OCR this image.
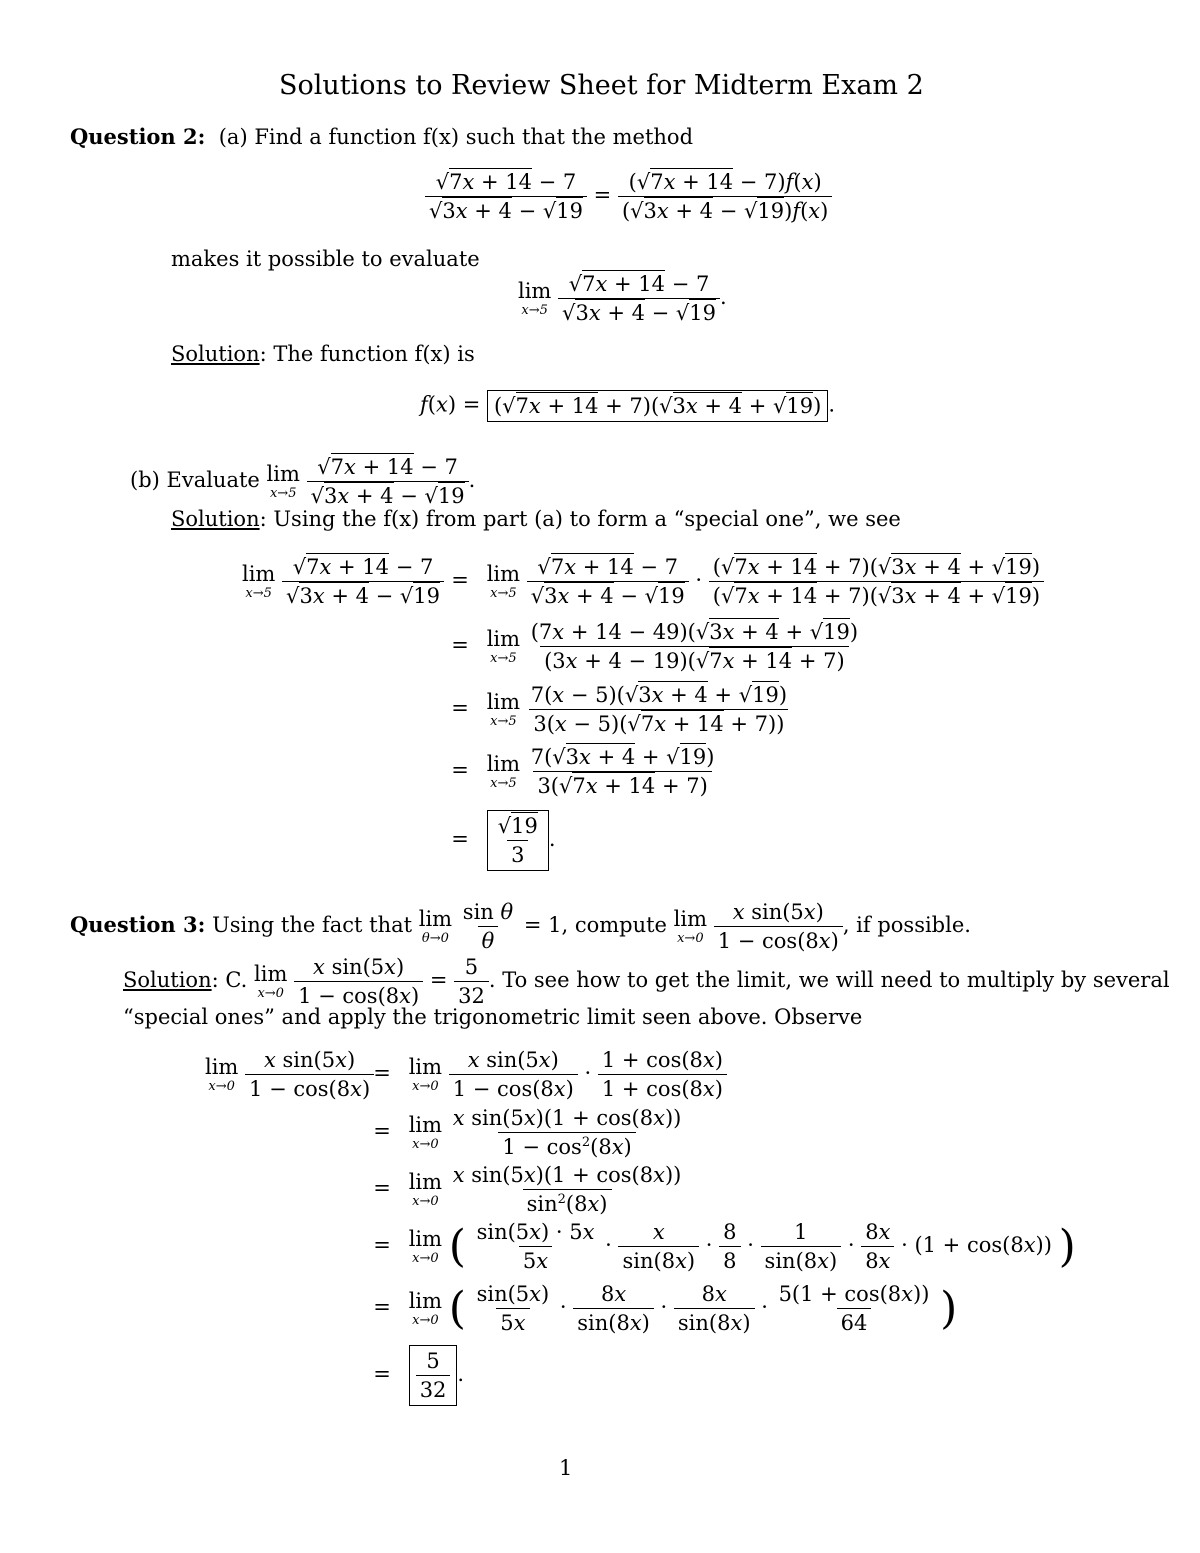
Solutions to Review Sheet for Midterm Exam 2
Question 2: (a) Find a function f(x) such that the method
$\frac{√7x + 14 - 7}{√3x + 4 - √19} = \frac{(√7x + 14 - 7)f(x)}{(√3x + 4 - √19)f(x)}$
makes it possible to evaluate
lim
x→5
$\frac{√7x + 14 - 7}{√3x + 4 - √19}$ .
Solution: The function f(x) is
f(x) = (√7x + 14 + 7)(√3x + 4 + √19) .
(b) Evaluate lim
x→5
$\frac{√7x + 14 - 7}{√3x + 4 - √19}$ .
Solution: Using the f(x) from part (a) to form a “special one”, we see
lim
x→5
$\frac{√7x + 14 - 7}{√3x + 4 - √19} = \lim$
x→5
$\frac{√7x + 14 - 7}{√3x + 4 - √19} \cdot \frac{(√7x + 14 + 7)(√3x + 4 + √19)}{(√7x + 14 + 7)(√3x + 4 + √19)}$
= lim
x→5
$\frac{(7x + 14 - 49)(√3x + 4 + √19)}{(3x + 4 - 19)(√7x + 14 + 7)}$
= lim
x→5
$\frac{7(x - 5)(√3x + 4 + √19)}{3(x - 5)(√7x + 14 + 7))}$
= lim
x→5
$\frac{7(√3x + 4 + √19)}{3(√7x + 14 + 7)}$
= $\frac{√19}{3}$ .
Question 3: Using the fact that lim
θ→0
$\frac{\text{sin θ}}{\theta} = 1$, compute lim
x→0
$\frac{\text{x sin(5x)}}{1 - \cos(8x)}$ , if possible.
Solution: C. lim
x→0
$\frac{\text{x sin(5x)}}{1 - \cos(8x)} = \frac{5}{32}$ . To see how to get the limit, we will need to multiply by several
“special ones” and apply the trigonometric limit seen above. Observe
lim
x→0
$\frac{\text{x sin(5x)}}{1 - \cos(8x)} = \lim$
x→0
$\frac{\text{x sin(5x)}}{1 - \cos(8x)} \cdot \frac{1 + \cos(8x)}{1 + \cos(8x)}$
= lim
x→0
$\frac{\text{x sin(5x)(1 + cos(8x))}}{1 - \cos^2(8x)}$
= lim
x→0
$\frac{\text{x sin(5x)(1 + cos(8x))}}{\sin^2(8x)}$
= lim
x→0 ( $\frac{\sin(5x) \cdot 5x}{5x} \cdot \frac{x}{\sin(8x)} \cdot \frac{8}{8} \cdot \frac{1}{\sin(8x)} \cdot \frac{8x}{8x} \cdot (1 + \cos(8x))$ )
= lim
x→0 ( $\frac{\sin(5x)}{5x} \cdot \frac{8x}{\sin(8x)} \cdot \frac{8x}{\sin(8x)} \cdot \frac{5(1 + \cos(8x))}{64}$ )
= $\frac{5}{32}$ .
1
